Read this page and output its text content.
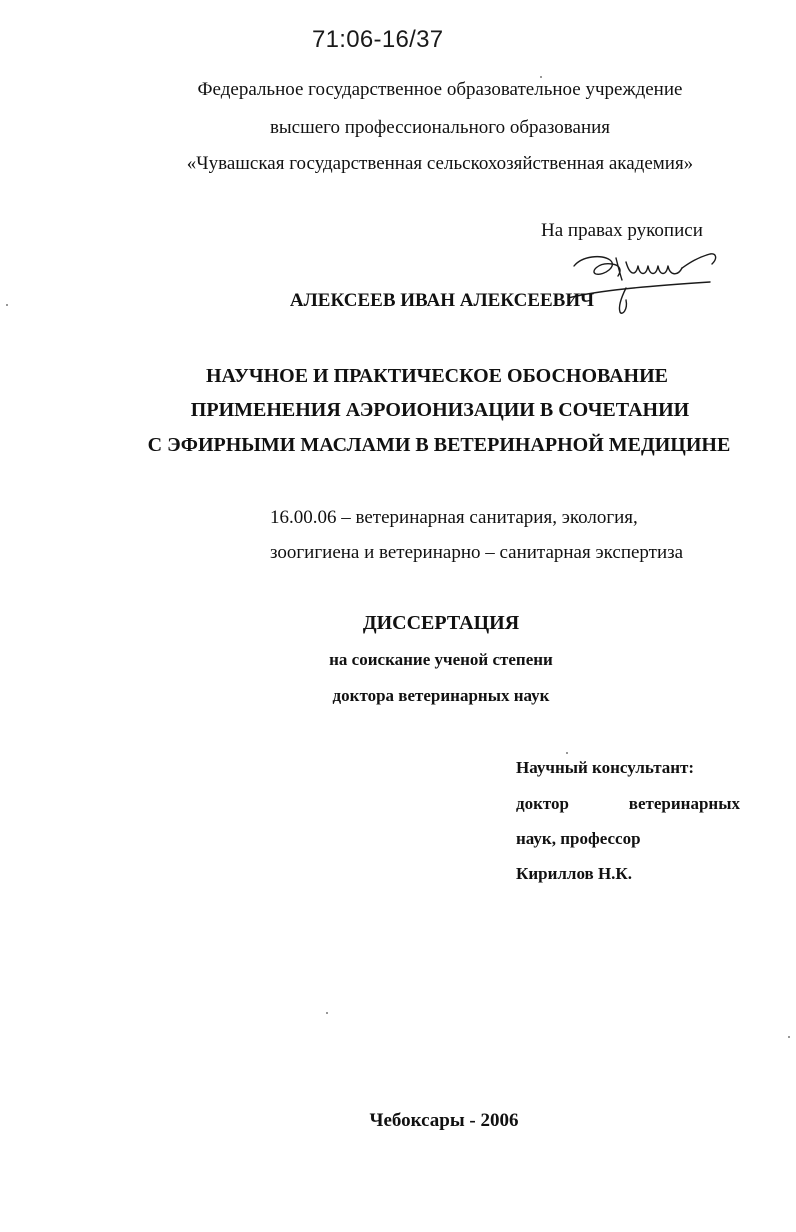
71:06-16/37
Федеральное государственное образовательное учреждение
высшего профессионального образования
«Чувашская государственная сельскохозяйственная академия»
На правах рукописи
АЛЕКСЕЕВ ИВАН АЛЕКСЕЕВИЧ
НАУЧНОЕ И ПРАКТИЧЕСКОЕ ОБОСНОВАНИЕ
ПРИМЕНЕНИЯ АЭРОИОНИЗАЦИИ В СОЧЕТАНИИ
С ЭФИРНЫМИ МАСЛАМИ В ВЕТЕРИНАРНОЙ МЕДИЦИНЕ
16.00.06 – ветеринарная санитария, экология,
зоогигиена и ветеринарно – санитарная экспертиза
ДИССЕРТАЦИЯ
на соискание ученой степени
доктора ветеринарных наук
Научный консультант:
доктор	ветеринарных
наук, профессор
Кириллов Н.К.
Чебоксары - 2006
